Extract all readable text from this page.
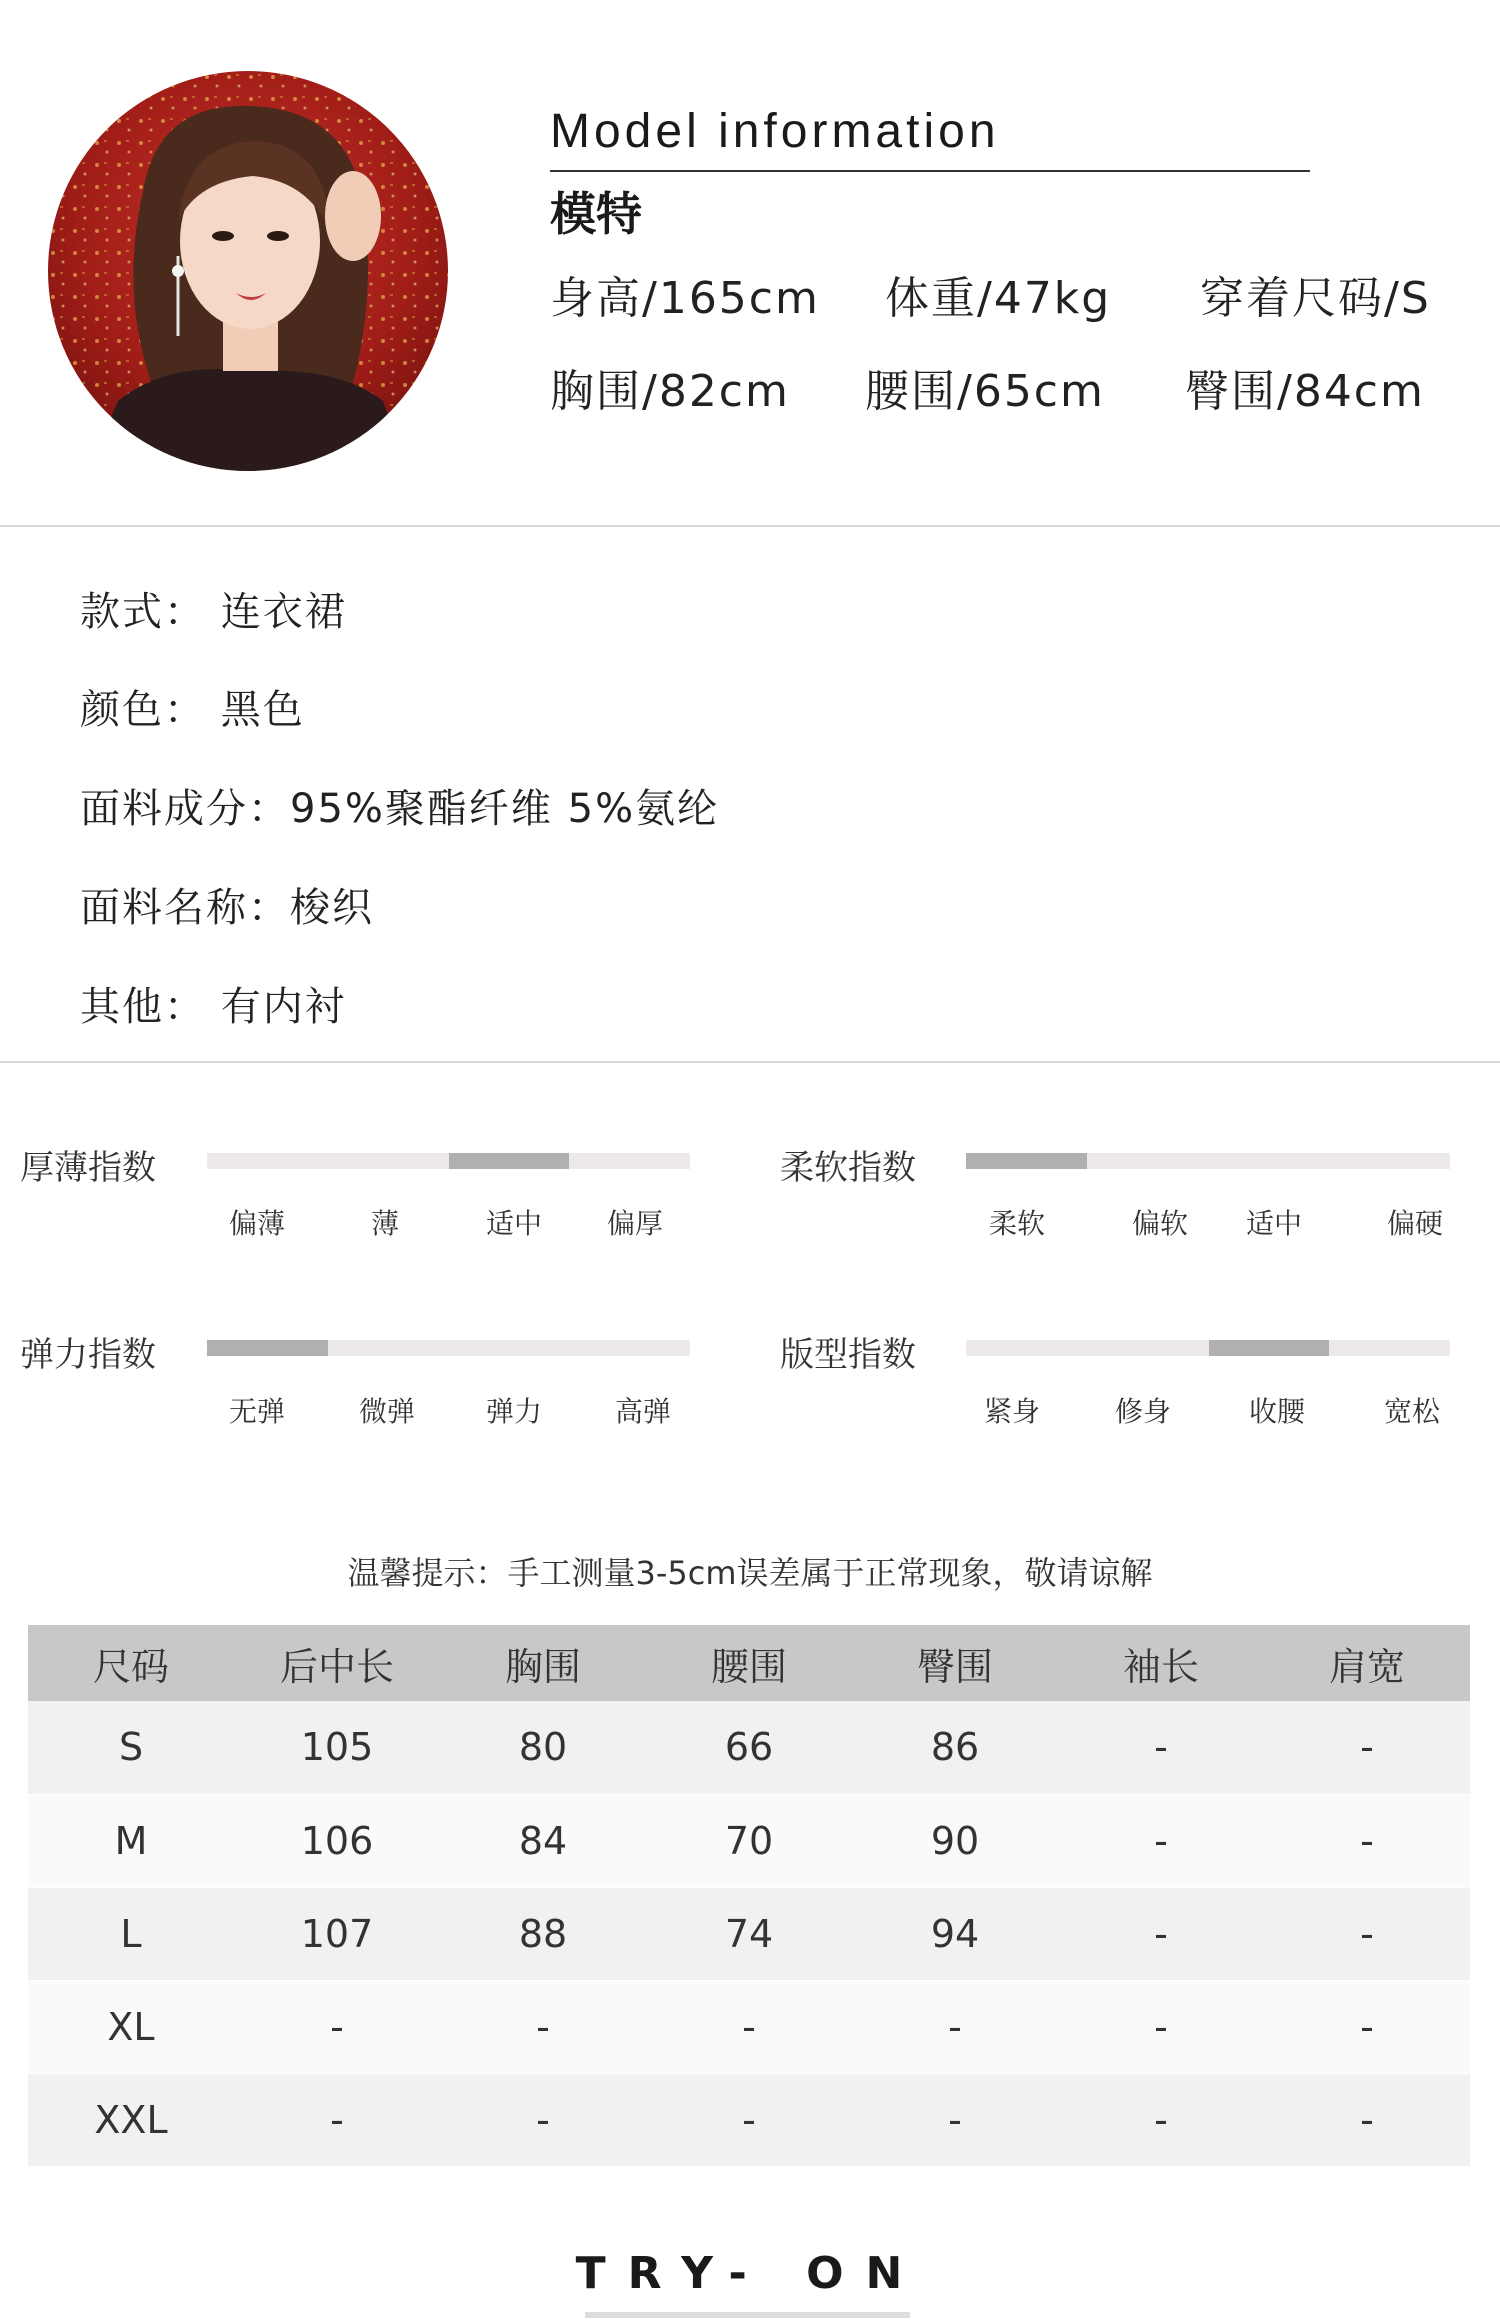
Model information
模特
身高/165cm 体重/47kg 穿着尺码/S
胸围/82cm 腰围/65cm 臀围/84cm
款式： 连衣裙
颜色： 黑色
面料成分：95%聚酯纤维 5%氨纶
面料名称：梭织
其他： 有内衬
厚薄指数
偏薄	薄	适中 偏厚
柔软指数
柔软	偏软 适中	偏硬
弹力指数
无弹	微弹	弹力	高弹
版型指数
紧身	修身	收腰	宽松
温馨提示：手工测量3-5cm误差属于正常现象，敬请谅解
尺码	后中长	胸围	腰围	臀围	袖长	肩宽
S	105	80	66	86	-	-
M	106	84	70	90	-	-
L	107	88	74	94	-	-
XL	-	-	-	-	-	-
XXL	-	-	-	-	-	-
TRY- ON
